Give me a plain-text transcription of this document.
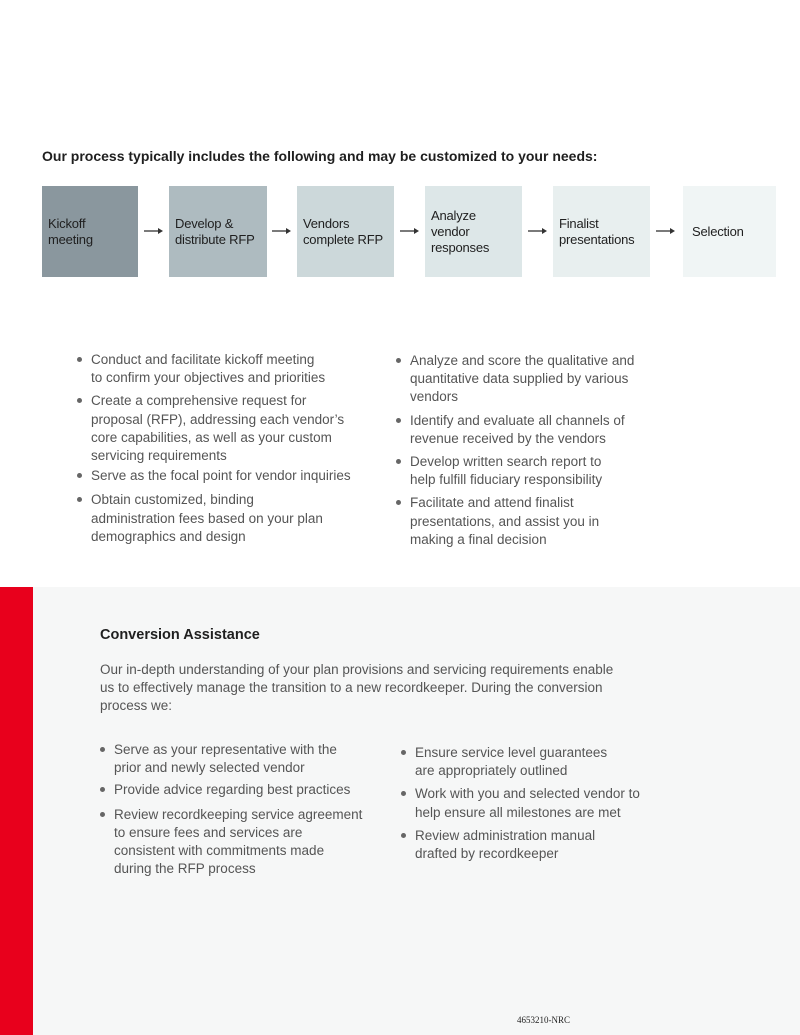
Our process typically includes the following and may be customized to your needs:
Kickoff meeting
Develop & distribute RFP
Vendors complete RFP
Analyze vendor responses
Finalist presentations
Selection
Conduct and facilitate kickoff meeting to confirm your objectives and priorities
Create a comprehensive request for proposal (RFP), addressing each vendor’s core capabilities, as well as your custom servicing requirements
Serve as the focal point for vendor inquiries
Obtain customized, binding administration fees based on your plan demographics and design
Analyze and score the qualitative and quantitative data supplied by various vendors
Identify and evaluate all channels of revenue received by the vendors
Develop written search report to help fulfill fiduciary responsibility
Facilitate and attend finalist presentations, and assist you in making a final decision
Conversion Assistance
Our in-depth understanding of your plan provisions and servicing requirements enable us to effectively manage the transition to a new recordkeeper. During the conversion process we:
Serve as your representative with the prior and newly selected vendor
Provide advice regarding best practices
Review recordkeeping service agreement to ensure fees and services are consistent with commitments made during the RFP process
Ensure service level guarantees are appropriately outlined
Work with you and selected vendor to help ensure all milestones are met
Review administration manual drafted by recordkeeper
4653210-NRC
